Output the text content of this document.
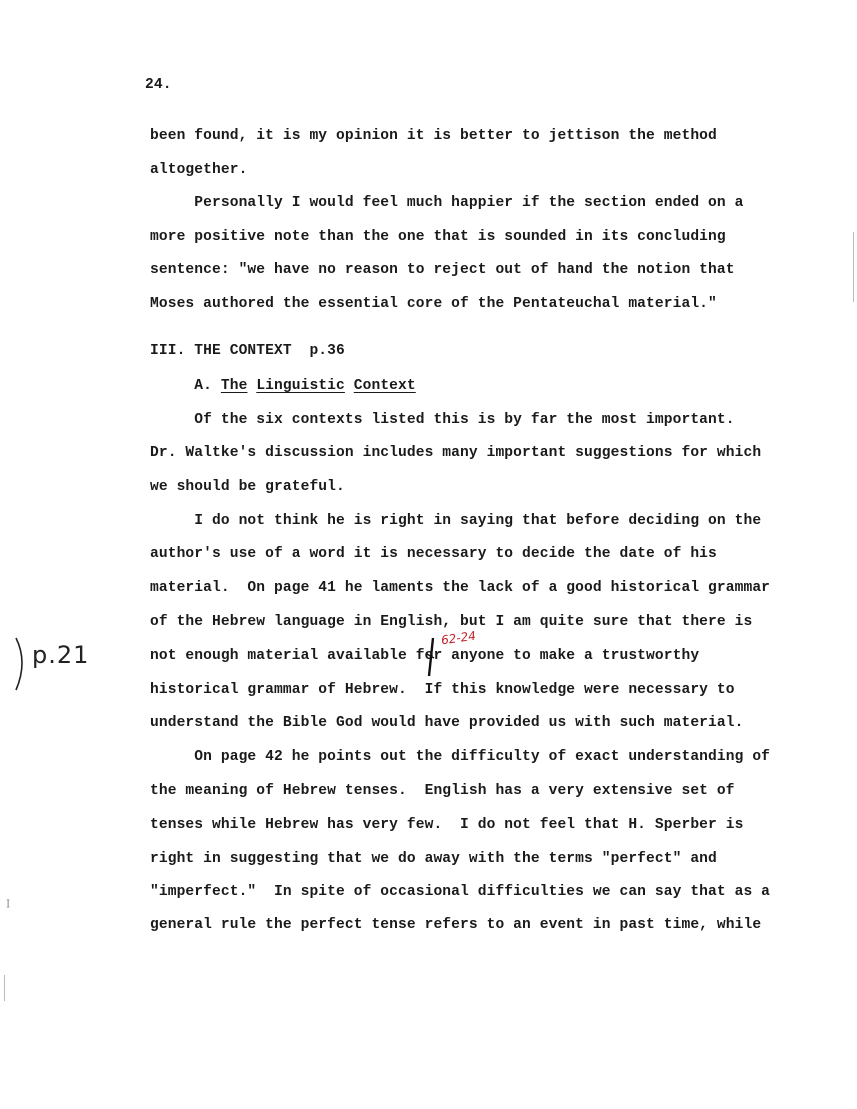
24.
been found, it is my opinion it is better to jettison the method
altogether.
Personally I would feel much happier if the section ended on a
more positive note than the one that is sounded in its concluding
sentence: "we have no reason to reject out of hand the notion that
Moses authored the essential core of the Pentateuchal material."
III. THE CONTEXT  p.36
A. The Linguistic Context
Of the six contexts listed this is by far the most important.
Dr. Waltke's discussion includes many important suggestions for which
we should be grateful.
I do not think he is right in saying that before deciding on the
author's use of a word it is necessary to decide the date of his
material.  On page 41 he laments the lack of a good historical grammar
of the Hebrew language in English, but I am quite sure that there is
not enough material available for anyone to make a trustworthy
historical grammar of Hebrew.  If this knowledge were necessary to
understand the Bible God would have provided us with such material.
On page 42 he points out the difficulty of exact understanding of
the meaning of Hebrew tenses.  English has a very extensive set of
tenses while Hebrew has very few.  I do not feel that H. Sperber is
right in suggesting that we do away with the terms "perfect" and
"imperfect."  In spite of occasional difficulties we can say that as a
general rule the perfect tense refers to an event in past time, while
p.21
62-24
ꟷ
